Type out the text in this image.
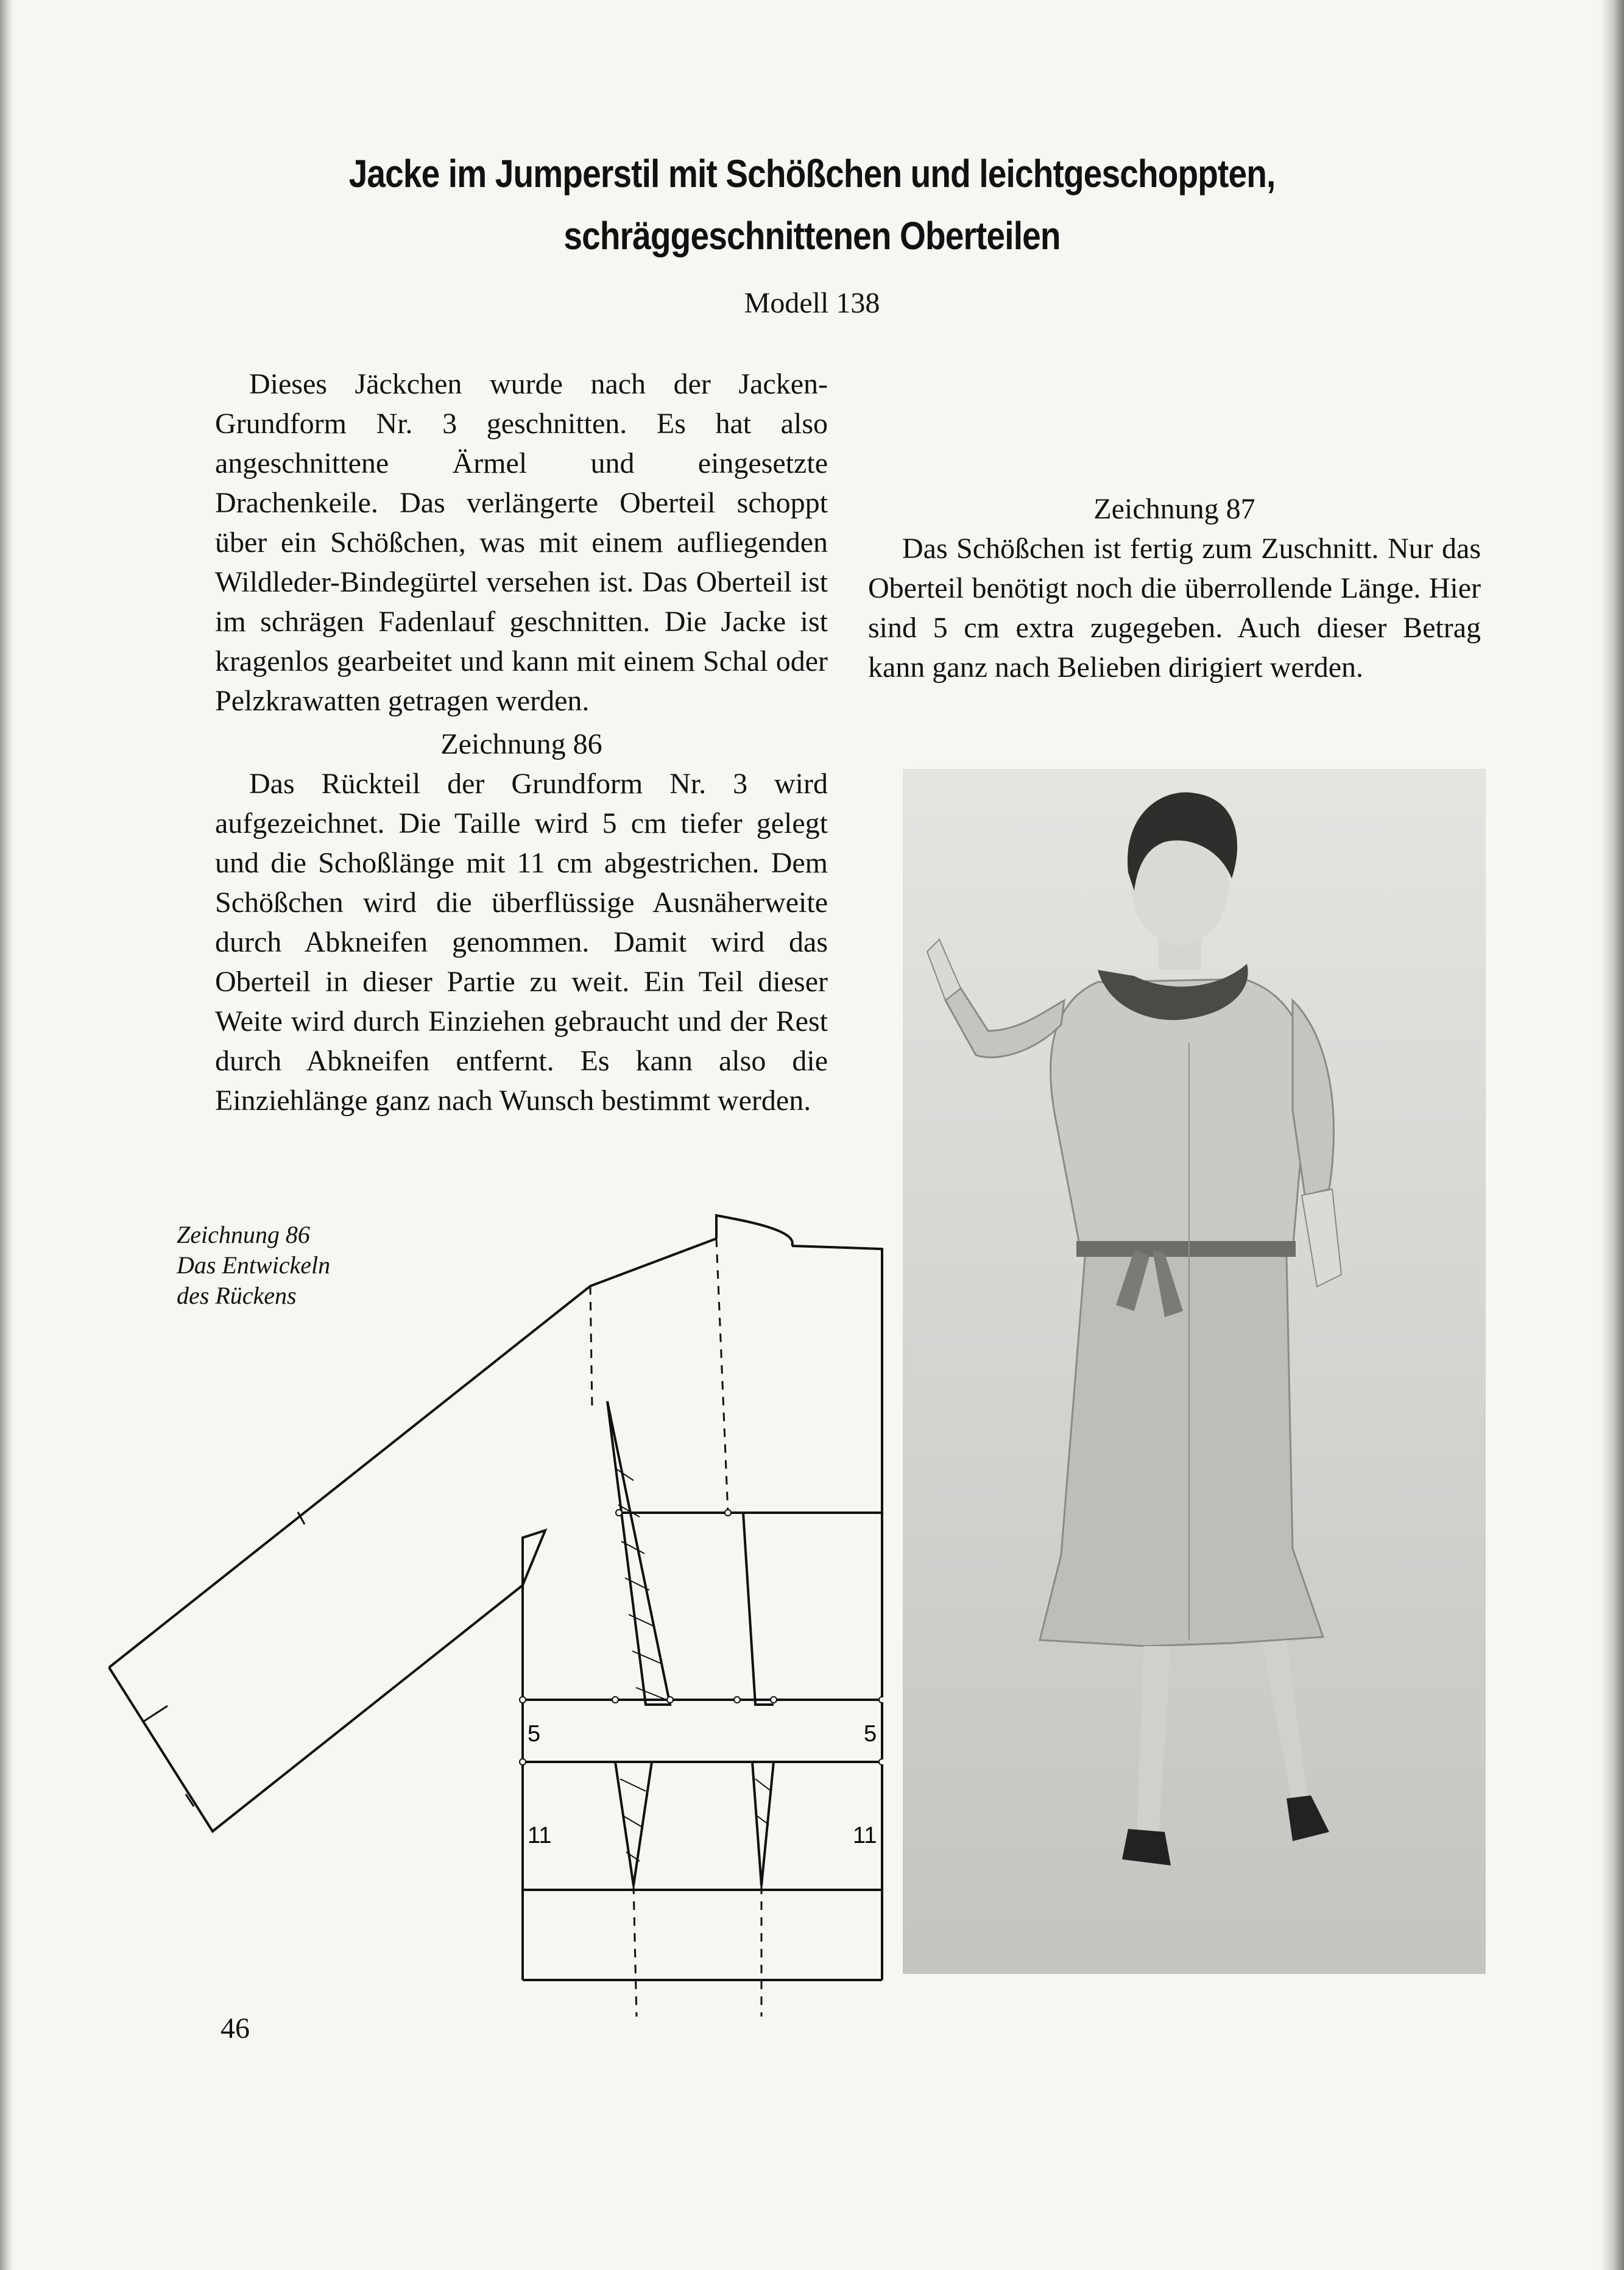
Jacke im Jumperstil mit Schößchen und leichtgeschoppten,
schräggeschnittenen Oberteilen
Modell 138

Dieses Jäckchen wurde nach der Jacken-Grundform Nr. 3 geschnitten. Es hat also angeschnittene Ärmel und eingesetzte Drachenkeile. Das verlängerte Oberteil schoppt über ein Schößchen, was mit einem aufliegenden Wildleder-Bindegürtel versehen ist. Das Oberteil ist im schrägen Fadenlauf geschnitten. Die Jacke ist kragenlos gearbeitet und kann mit einem Schal oder Pelzkrawatten getragen werden.

Zeichnung 86

Das Rückteil der Grundform Nr. 3 wird aufgezeichnet. Die Taille wird 5 cm tiefer gelegt und die Schoßlänge mit 11 cm abgestrichen. Dem Schößchen wird die überflüssige Ausnäherweite durch Abkneifen genommen. Damit wird das Oberteil in dieser Partie zu weit. Ein Teil dieser Weite wird durch Einziehen gebraucht und der Rest durch Abkneifen entfernt. Es kann also die Einziehlänge ganz nach Wunsch bestimmt werden.

Zeichnung 87

Das Schößchen ist fertig zum Zuschnitt. Nur das Oberteil benötigt noch die überrollende Länge. Hier sind 5 cm extra zugegeben. Auch dieser Betrag kann ganz nach Belieben dirigiert werden.

Zeichnung 86
Das Entwickeln
des Rückens
5	5
11	11
46
